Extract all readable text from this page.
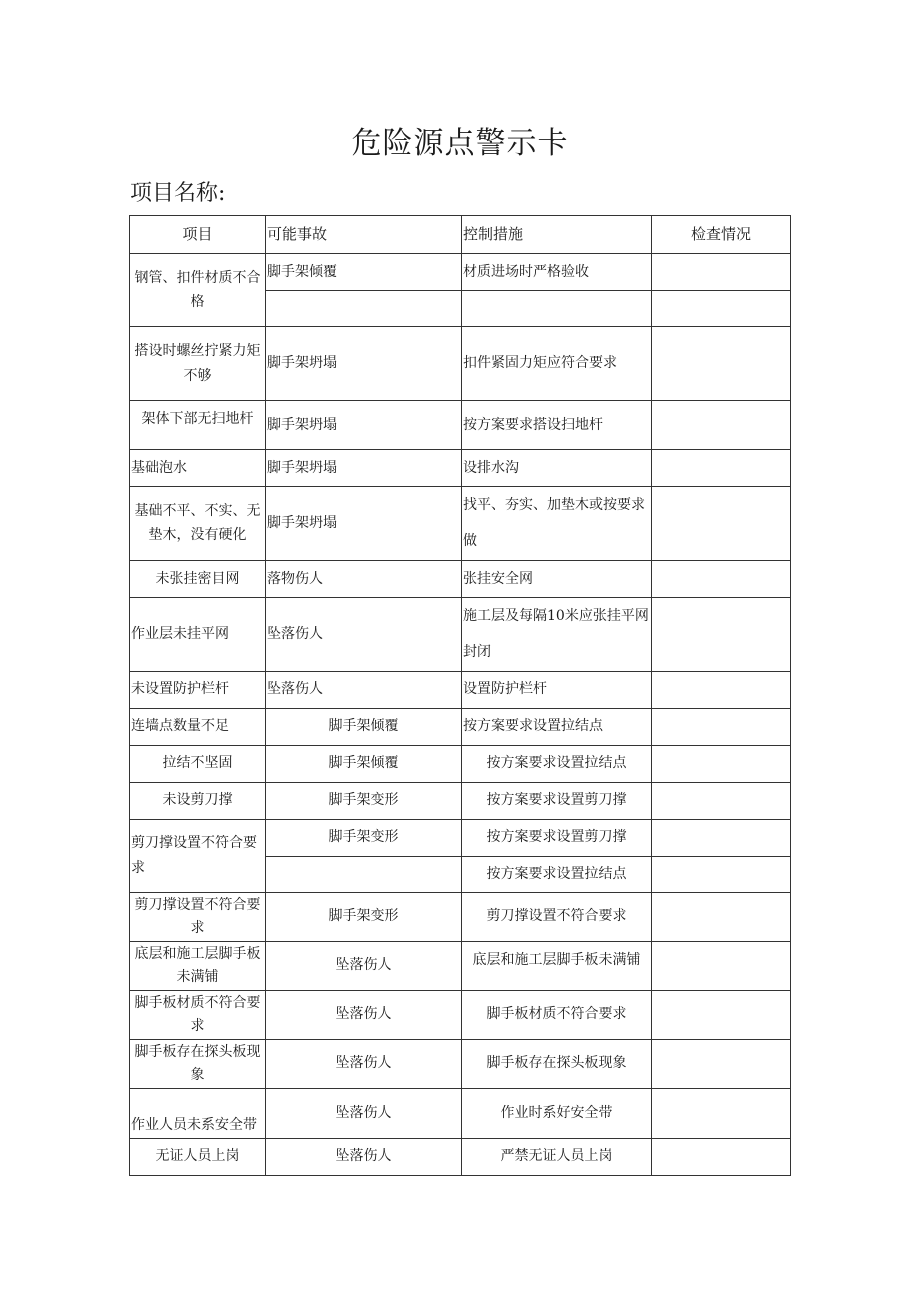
危险源点警示卡
项目名称:
项目	可能事故	控制措施	检查情况
钢管、扣件材质不合格	脚手架倾覆	材质进场时严格验收	

搭设时螺丝拧紧力矩不够	脚手架坍塌	扣件紧固力矩应符合要求	
架体下部无扫地杆	脚手架坍塌	按方案要求搭设扫地杆	
基础泡水	脚手架坍塌	设排水沟	
基础不平、不实、无垫木，没有硬化	脚手架坍塌	找平、夯实、加垫木或按要求做	
未张挂密目网	落物伤人	张挂安全网	
作业层未挂平网	坠落伤人	施工层及每隔10米应张挂平网封闭	
未设置防护栏杆	坠落伤人	设置防护栏杆	
连墙点数量不足	脚手架倾覆	按方案要求设置拉结点	
拉结不坚固	脚手架倾覆	按方案要求设置拉结点	
未设剪刀撑	脚手架变形	按方案要求设置剪刀撑	
剪刀撑设置不符合要求	脚手架变形	按方案要求设置剪刀撑	
		按方案要求设置拉结点	
剪刀撑设置不符合要求	脚手架变形	剪刀撑设置不符合要求	
底层和施工层脚手板未满铺	坠落伤人	底层和施工层脚手板未满铺	
脚手板材质不符合要求	坠落伤人	脚手板材质不符合要求	
脚手板存在探头板现象	坠落伤人	脚手板存在探头板现象	
作业人员未系安全带	坠落伤人	作业时系好安全带	
无证人员上岗	坠落伤人	严禁无证人员上岗	
